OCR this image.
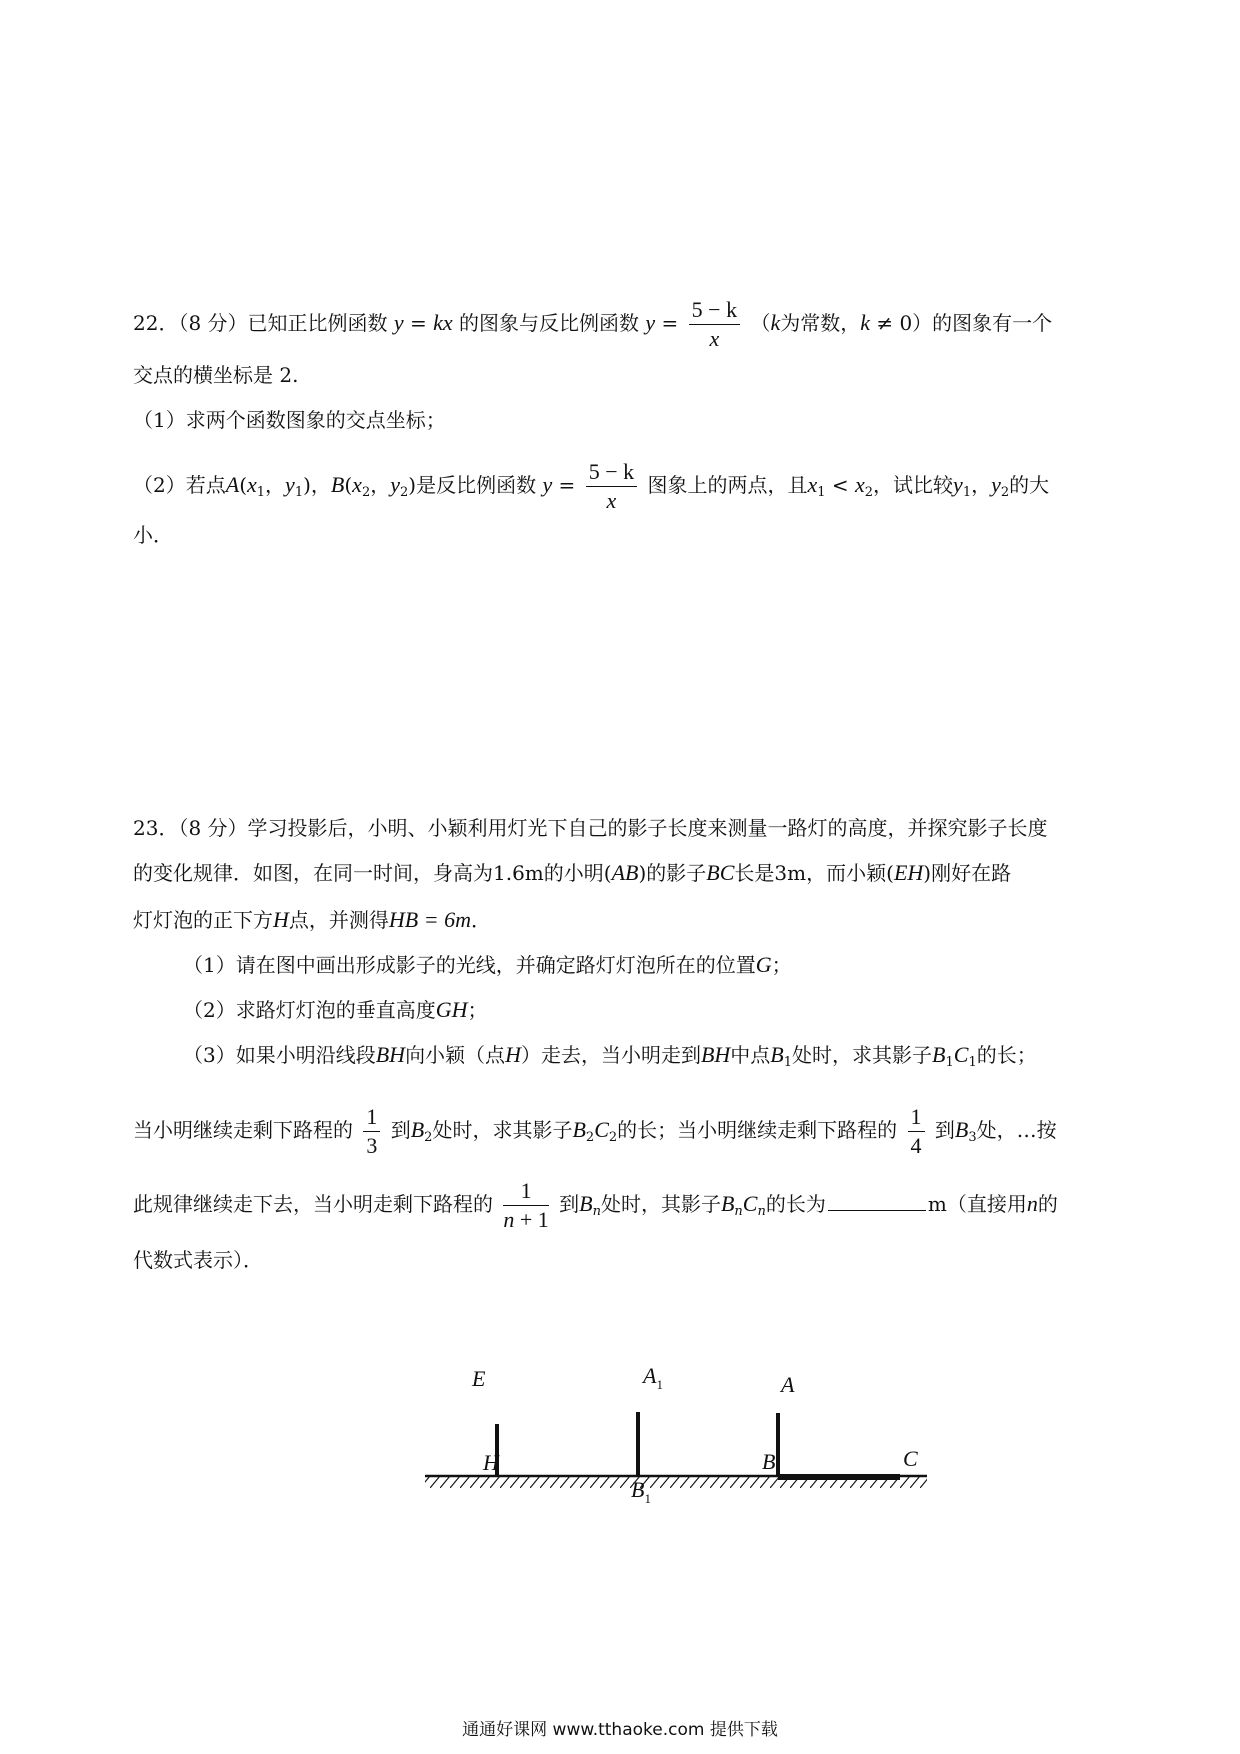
22．（8 分）已知正比例函数 y = kx 的图象与反比例函数 $y = \frac{5 - k}{x} (k$为常数，k ≠ 0）的图象有一个
交点的横坐标是 2.
（1）求两个函数图象的交点坐标；
（2）若点$A(x_1$，$y_1$)，$B(x_2$，$y_2$)是反比例函数 $y = \frac{5 - k}{x}$ 图象上的两点，且$x_1 < x_2$，试比较$y_1$，$y_2$的大
小．
23．（8 分）学习投影后，小明、小颖利用灯光下自己的影子长度来测量一路灯的高度，并探究影子长度
的变化规律．如图，在同一时间，身高为1.6m的小明(AB)的影子BC长是3m，而小颖(EH)刚好在路
灯灯泡的正下方H点，并测得HB = 6m．
（1）请在图中画出形成影子的光线，并确定路灯灯泡所在的位置G；
（2）求路灯灯泡的垂直高度GH；
（3）如果小明沿线段BH向小颖（点H）走去，当小明走到BH中点$B_1$处时，求其影子$B_1C_1$的长；
当小明继续走剩下路程的 $\frac{1}{3}$ 到$B_2$处时，求其影子$B_2C_2$的长；当小明继续走剩下路程的 $\frac{1}{4}$ 到$B_3$处，…按
此规律继续走下去，当小明走剩下路程的 $\frac{1}{n + 1}$ 到$B_n$处时，其影子$B_nC_n$的长为	m（直接用n的
代数式表示）．
E	$A_1$	A
H
$B_1$
B	C
通通好课网 www.tthaoke.com 提供下载
